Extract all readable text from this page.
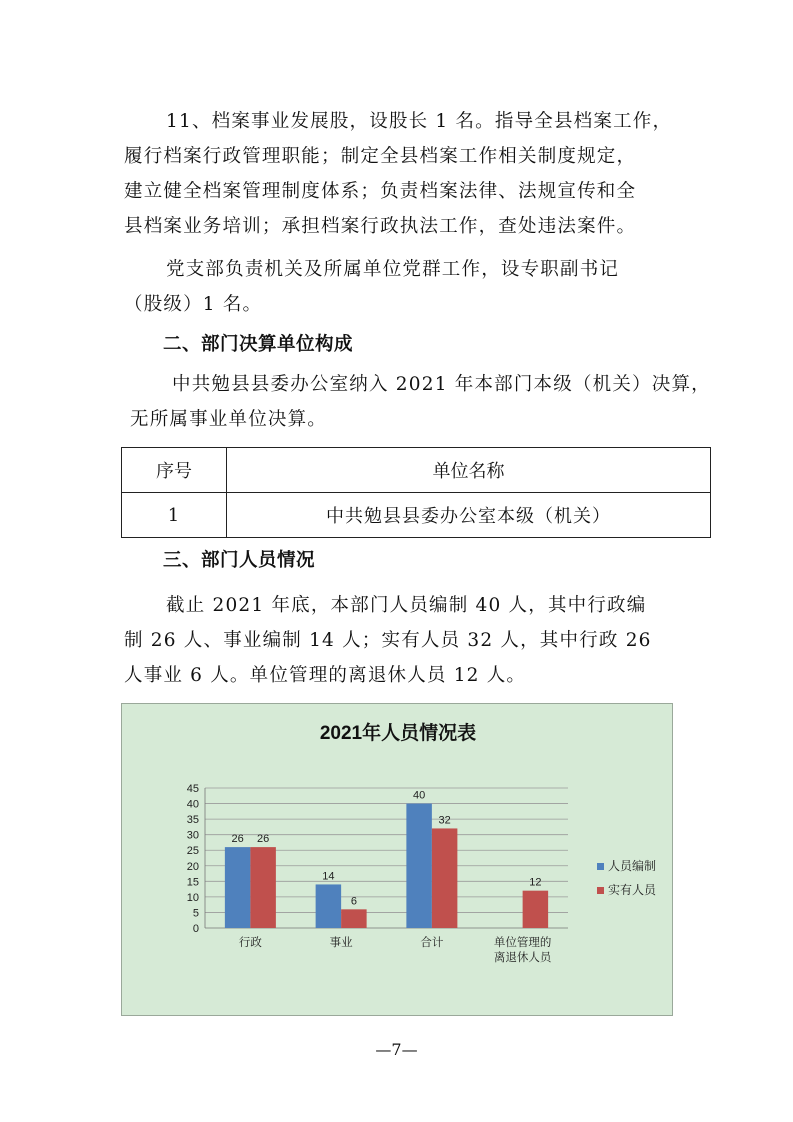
11、档案事业发展股，设股长 1 名。指导全县档案工作，
履行档案行政管理职能；制定全县档案工作相关制度规定，
建立健全档案管理制度体系；负责档案法律、法规宣传和全
县档案业务培训；承担档案行政执法工作，查处违法案件。

党支部负责机关及所属单位党群工作，设专职副书记
（股级）1 名。

二、部门决算单位构成

中共勉县县委办公室纳入 2021 年本部门本级（机关）决算，
无所属事业单位决算。

序号	单位名称
1	中共勉县县委办公室本级（机关）
三、部门人员情况

截止 2021 年底，本部门人员编制 40 人，其中行政编
制 26 人、事业编制 14 人；实有人员 32 人，其中行政 26
人事业 6 人。单位管理的离退休人员 12 人。

2021年人员情况表
0
5
10
15
20
25
30
35
40
45
26 26
行政
14
6
事业
40
32
合计
12
单位管理的
离退休人员
人员编制
实有人员
—7—
